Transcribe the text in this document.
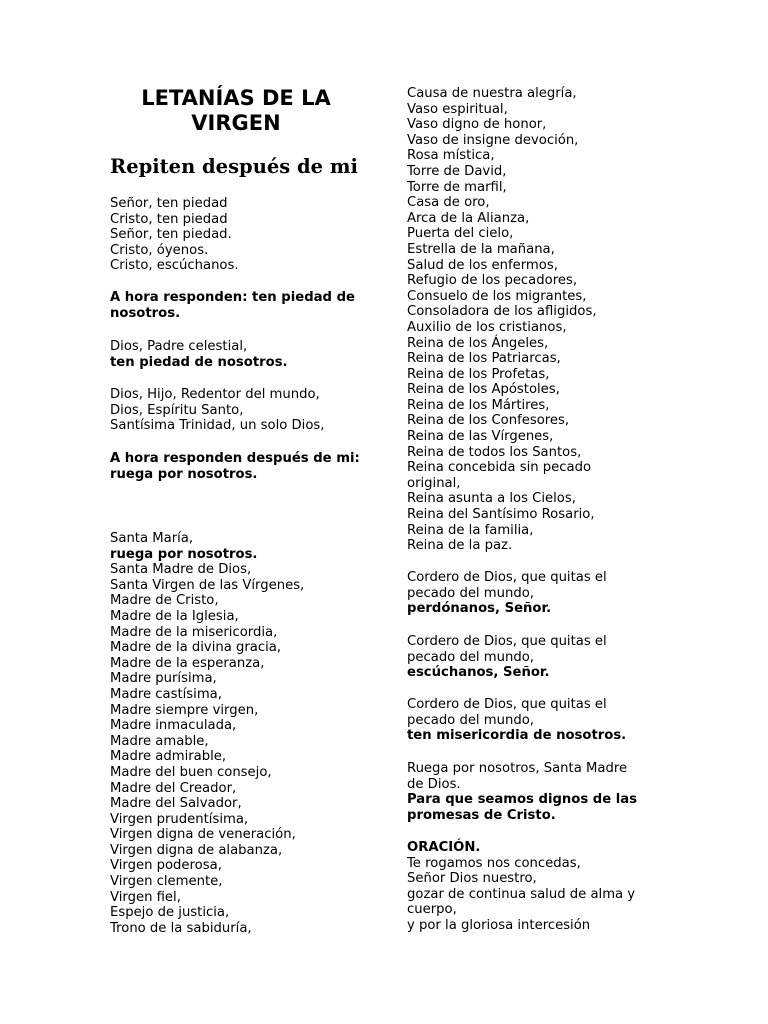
LETANÍAS DE LA VIRGEN
Repiten después de mi
Señor, ten piedad
Cristo, ten piedad
Señor, ten piedad.
Cristo, óyenos.
Cristo, escúchanos.
A hora responden: ten piedad de nosotros.
Dios, Padre celestial,
ten piedad de nosotros.
Dios, Hijo, Redentor del mundo,
Dios, Espíritu Santo,
Santísima Trinidad, un solo Dios,
A hora responden después de mi: ruega por nosotros.
Santa María,
ruega por nosotros.
Santa Madre de Dios,
Santa Virgen de las Vírgenes,
Madre de Cristo,
Madre de la Iglesia,
Madre de la misericordia,
Madre de la divina gracia,
Madre de la esperanza,
Madre purísima,
Madre castísima,
Madre siempre virgen,
Madre inmaculada,
Madre amable,
Madre admirable,
Madre del buen consejo,
Madre del Creador,
Madre del Salvador,
Virgen prudentísima,
Virgen digna de veneración,
Virgen digna de alabanza,
Virgen poderosa,
Virgen clemente,
Virgen fiel,
Espejo de justicia,
Trono de la sabiduría,
Causa de nuestra alegría,
Vaso espiritual,
Vaso digno de honor,
Vaso de insigne devoción,
Rosa mística,
Torre de David,
Torre de marfil,
Casa de oro,
Arca de la Alianza,
Puerta del cielo,
Estrella de la mañana,
Salud de los enfermos,
Refugio de los pecadores,
Consuelo de los migrantes,
Consoladora de los afligidos,
Auxilio de los cristianos,
Reina de los Ángeles,
Reina de los Patriarcas,
Reina de los Profetas,
Reina de los Apóstoles,
Reina de los Mártires,
Reina de los Confesores,
Reina de las Vírgenes,
Reina de todos los Santos,
Reina concebida sin pecado
original,
Reina asunta a los Cielos,
Reina del Santísimo Rosario,
Reina de la familia,
Reina de la paz.
Cordero de Dios, que quitas el
pecado del mundo,
perdónanos, Señor.
Cordero de Dios, que quitas el
pecado del mundo,
escúchanos, Señor.
Cordero de Dios, que quitas el
pecado del mundo,
ten misericordia de nosotros.
Ruega por nosotros, Santa Madre
de Dios.
Para que seamos dignos de las promesas de Cristo.
ORACIÓN.
Te rogamos nos concedas,
Señor Dios nuestro,
gozar de continua salud de alma y
cuerpo,
y por la gloriosa intercesión
